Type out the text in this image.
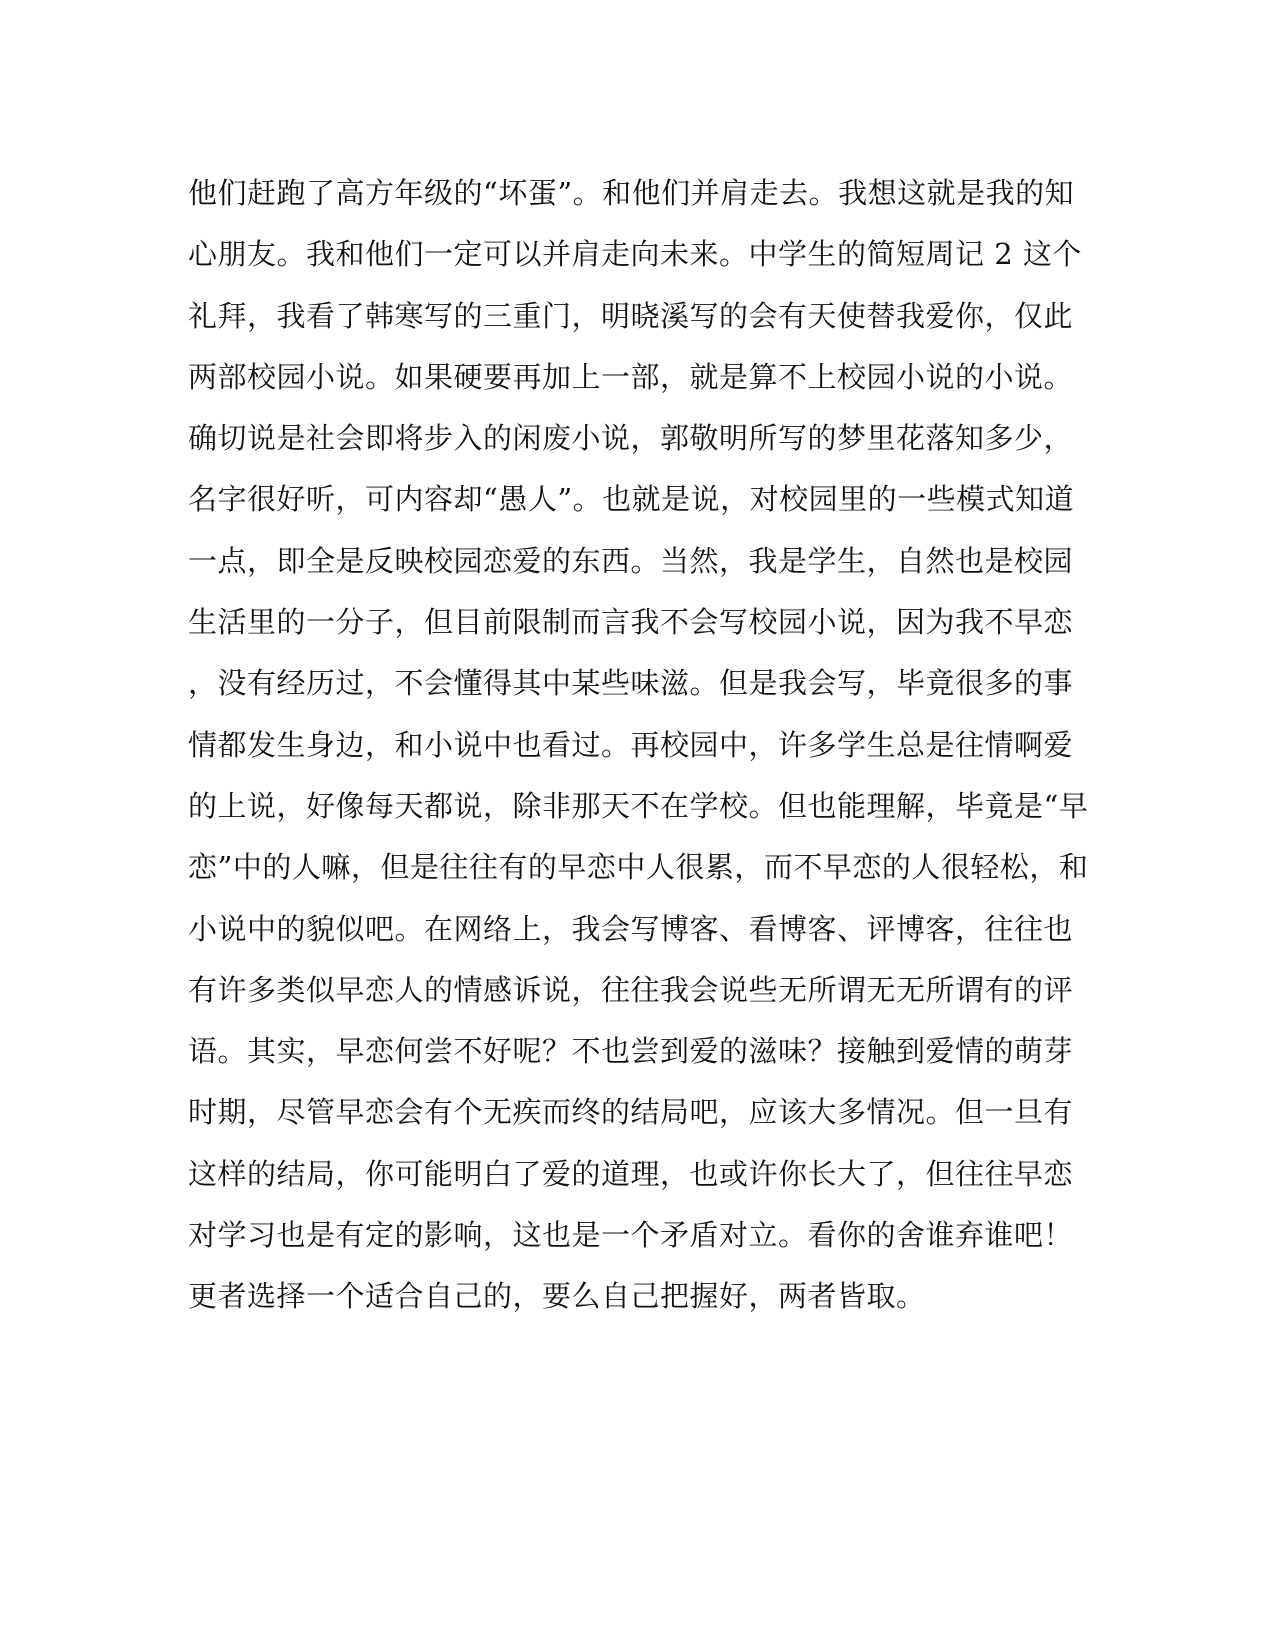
他们赶跑了高方年级的“坏蛋”。和他们并肩走去。我想这就是我的知
心朋友。我和他们一定可以并肩走向未来。中学生的简短周记 2 这个
礼拜，我看了韩寒写的三重门，明晓溪写的会有天使替我爱你，仅此
两部校园小说。如果硬要再加上一部，就是算不上校园小说的小说。
确切说是社会即将步入的闲废小说，郭敬明所写的梦里花落知多少，
名字很好听，可内容却“愚人”。也就是说，对校园里的一些模式知道
一点，即全是反映校园恋爱的东西。当然，我是学生，自然也是校园
生活里的一分子，但目前限制而言我不会写校园小说，因为我不早恋
，没有经历过，不会懂得其中某些味滋。但是我会写，毕竟很多的事
情都发生身边，和小说中也看过。再校园中，许多学生总是往情啊爱
的上说，好像每天都说，除非那天不在学校。但也能理解，毕竟是“早
恋”中的人嘛，但是往往有的早恋中人很累，而不早恋的人很轻松，和
小说中的貌似吧。在网络上，我会写博客、看博客、评博客，往往也
有许多类似早恋人的情感诉说，往往我会说些无所谓无无所谓有的评
语。其实，早恋何尝不好呢？不也尝到爱的滋味？接触到爱情的萌芽
时期，尽管早恋会有个无疾而终的结局吧，应该大多情况。但一旦有
这样的结局，你可能明白了爱的道理，也或许你长大了，但往往早恋
对学习也是有定的影响，这也是一个矛盾对立。看你的舍谁弃谁吧！
更者选择一个适合自己的，要么自己把握好，两者皆取。
